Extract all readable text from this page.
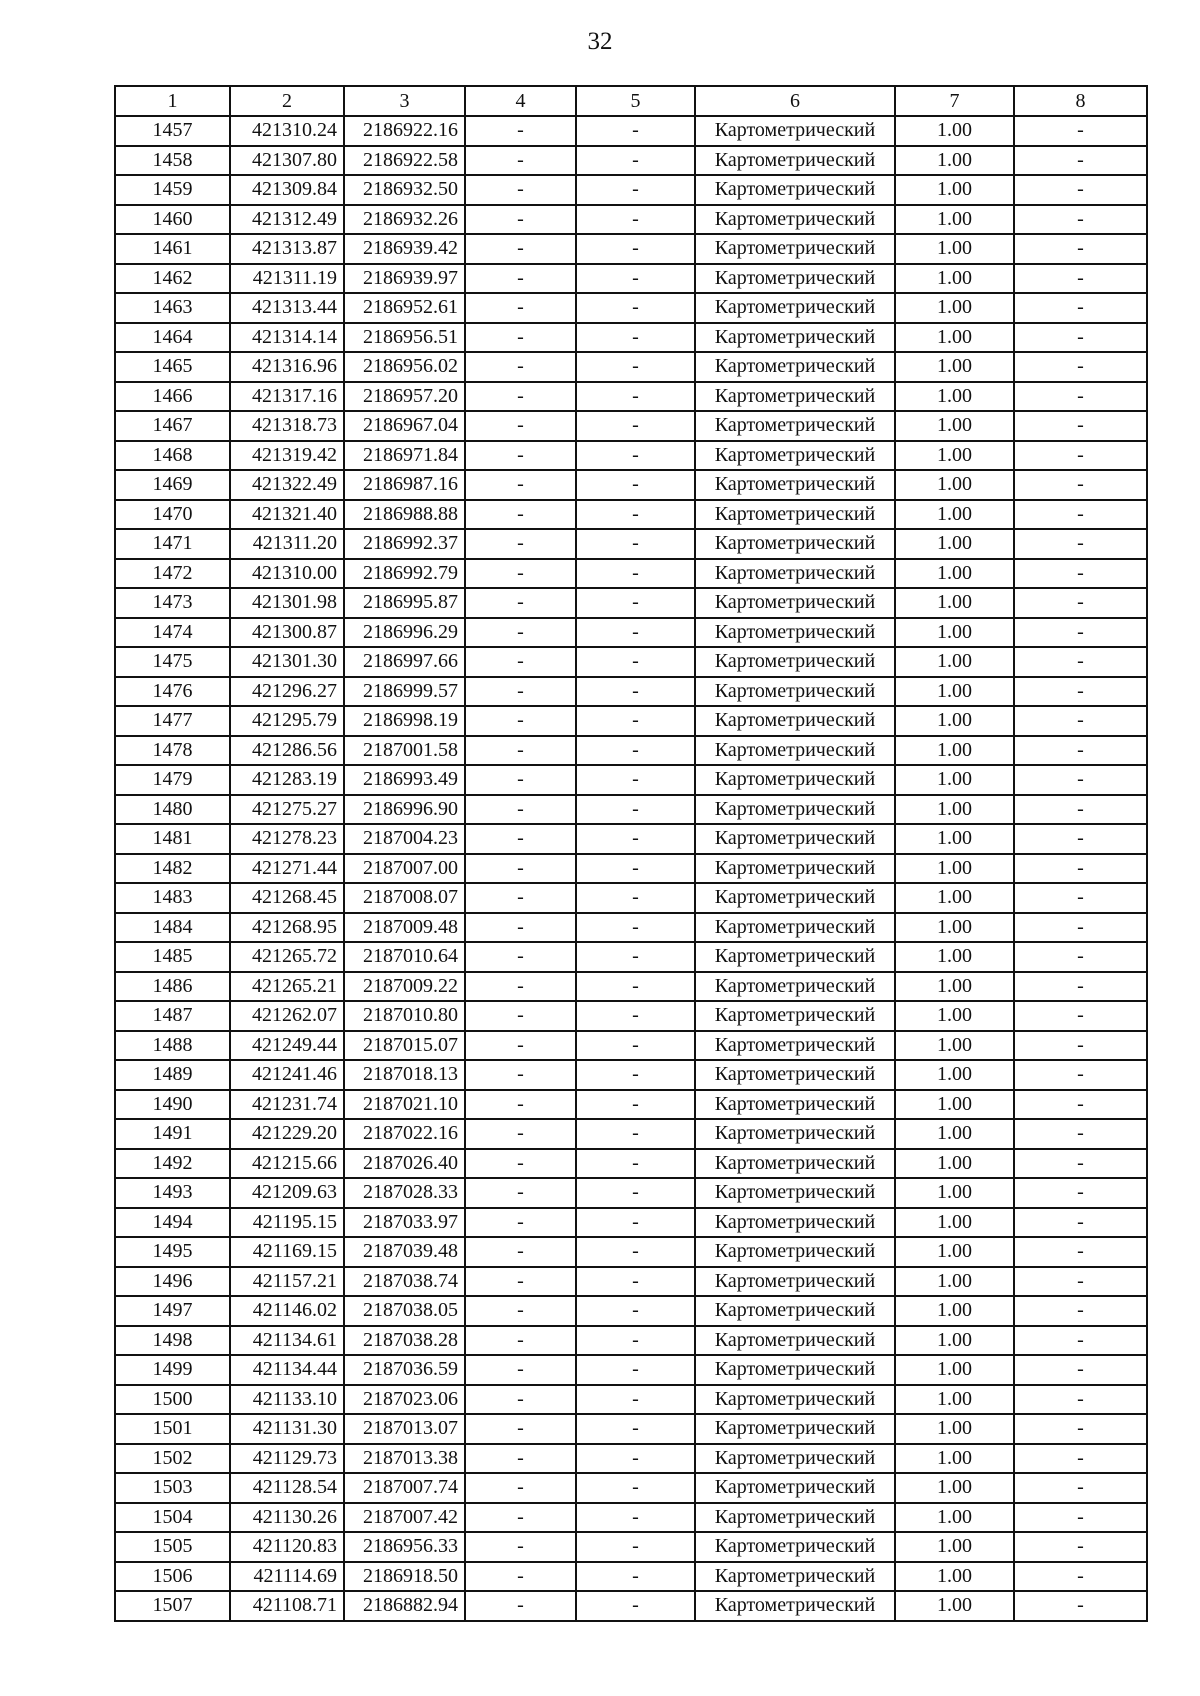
32
1	2	3	4	5	6	7	8
1457	421310.24	2186922.16	-	-	Картометрический	1.00	-
1458	421307.80	2186922.58	-	-	Картометрический	1.00	-
1459	421309.84	2186932.50	-	-	Картометрический	1.00	-
1460	421312.49	2186932.26	-	-	Картометрический	1.00	-
1461	421313.87	2186939.42	-	-	Картометрический	1.00	-
1462	421311.19	2186939.97	-	-	Картометрический	1.00	-
1463	421313.44	2186952.61	-	-	Картометрический	1.00	-
1464	421314.14	2186956.51	-	-	Картометрический	1.00	-
1465	421316.96	2186956.02	-	-	Картометрический	1.00	-
1466	421317.16	2186957.20	-	-	Картометрический	1.00	-
1467	421318.73	2186967.04	-	-	Картометрический	1.00	-
1468	421319.42	2186971.84	-	-	Картометрический	1.00	-
1469	421322.49	2186987.16	-	-	Картометрический	1.00	-
1470	421321.40	2186988.88	-	-	Картометрический	1.00	-
1471	421311.20	2186992.37	-	-	Картометрический	1.00	-
1472	421310.00	2186992.79	-	-	Картометрический	1.00	-
1473	421301.98	2186995.87	-	-	Картометрический	1.00	-
1474	421300.87	2186996.29	-	-	Картометрический	1.00	-
1475	421301.30	2186997.66	-	-	Картометрический	1.00	-
1476	421296.27	2186999.57	-	-	Картометрический	1.00	-
1477	421295.79	2186998.19	-	-	Картометрический	1.00	-
1478	421286.56	2187001.58	-	-	Картометрический	1.00	-
1479	421283.19	2186993.49	-	-	Картометрический	1.00	-
1480	421275.27	2186996.90	-	-	Картометрический	1.00	-
1481	421278.23	2187004.23	-	-	Картометрический	1.00	-
1482	421271.44	2187007.00	-	-	Картометрический	1.00	-
1483	421268.45	2187008.07	-	-	Картометрический	1.00	-
1484	421268.95	2187009.48	-	-	Картометрический	1.00	-
1485	421265.72	2187010.64	-	-	Картометрический	1.00	-
1486	421265.21	2187009.22	-	-	Картометрический	1.00	-
1487	421262.07	2187010.80	-	-	Картометрический	1.00	-
1488	421249.44	2187015.07	-	-	Картометрический	1.00	-
1489	421241.46	2187018.13	-	-	Картометрический	1.00	-
1490	421231.74	2187021.10	-	-	Картометрический	1.00	-
1491	421229.20	2187022.16	-	-	Картометрический	1.00	-
1492	421215.66	2187026.40	-	-	Картометрический	1.00	-
1493	421209.63	2187028.33	-	-	Картометрический	1.00	-
1494	421195.15	2187033.97	-	-	Картометрический	1.00	-
1495	421169.15	2187039.48	-	-	Картометрический	1.00	-
1496	421157.21	2187038.74	-	-	Картометрический	1.00	-
1497	421146.02	2187038.05	-	-	Картометрический	1.00	-
1498	421134.61	2187038.28	-	-	Картометрический	1.00	-
1499	421134.44	2187036.59	-	-	Картометрический	1.00	-
1500	421133.10	2187023.06	-	-	Картометрический	1.00	-
1501	421131.30	2187013.07	-	-	Картометрический	1.00	-
1502	421129.73	2187013.38	-	-	Картометрический	1.00	-
1503	421128.54	2187007.74	-	-	Картометрический	1.00	-
1504	421130.26	2187007.42	-	-	Картометрический	1.00	-
1505	421120.83	2186956.33	-	-	Картометрический	1.00	-
1506	421114.69	2186918.50	-	-	Картометрический	1.00	-
1507	421108.71	2186882.94	-	-	Картометрический	1.00	-
